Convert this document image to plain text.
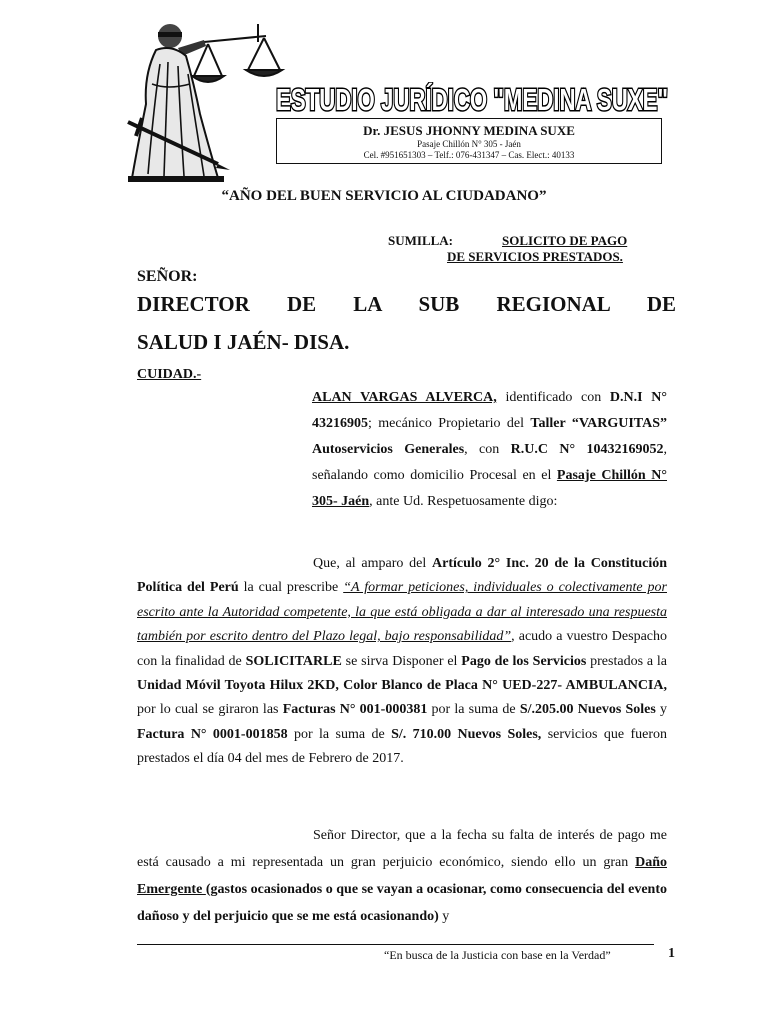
ESTUDIO JURÍDICO "MEDINA SUXE"
Dr. JESUS JHONNY MEDINA SUXE
Pasaje Chillón N° 305 - Jaén
Cel. #951651303 – Telf.: 076-431347 – Cas. Elect.: 40133
“AÑO DEL BUEN SERVICIO AL CIUDADANO”
SUMILLA:	SOLICITO DE PAGO
DE SERVICIOS PRESTADOS.
SEÑOR:
DIRECTOR DE LA SUB REGIONAL DE
SALUD I JAÉN- DISA.
CUIDAD.-
ALAN VARGAS ALVERCA, identificado con D.N.I N° 43216905; mecánico Propietario del Taller “VARGUITAS” Autoservicios Generales, con R.U.C N° 10432169052, señalando como domicilio Procesal en el Pasaje Chillón N° 305- Jaén, ante Ud. Respetuosamente digo:
Que, al amparo del Artículo 2° Inc. 20 de la Constitución Política del Perú la cual prescribe “A formar peticiones, individuales o colectivamente por escrito ante la Autoridad competente, la que está obligada a dar al interesado una respuesta también por escrito dentro del Plazo legal, bajo responsabilidad”, acudo a vuestro Despacho con la finalidad de SOLICITARLE se sirva Disponer el Pago de los Servicios prestados a la Unidad Móvil Toyota Hilux 2KD, Color Blanco de Placa N° UED-227- AMBULANCIA, por lo cual se giraron las Facturas N° 001-000381 por la suma de S/.205.00 Nuevos Soles y Factura N° 0001-001858 por la suma de S/. 710.00 Nuevos Soles, servicios que fueron prestados el día 04 del mes de Febrero de 2017.
Señor Director, que a la fecha su falta de interés de pago me está causado a mi representada un gran perjuicio económico, siendo ello un gran Daño Emergente (gastos ocasionados o que se vayan a ocasionar, como consecuencia del evento dañoso y del perjuicio que se me está ocasionando) y
“En busca de la Justicia con base en la Verdad”	1
